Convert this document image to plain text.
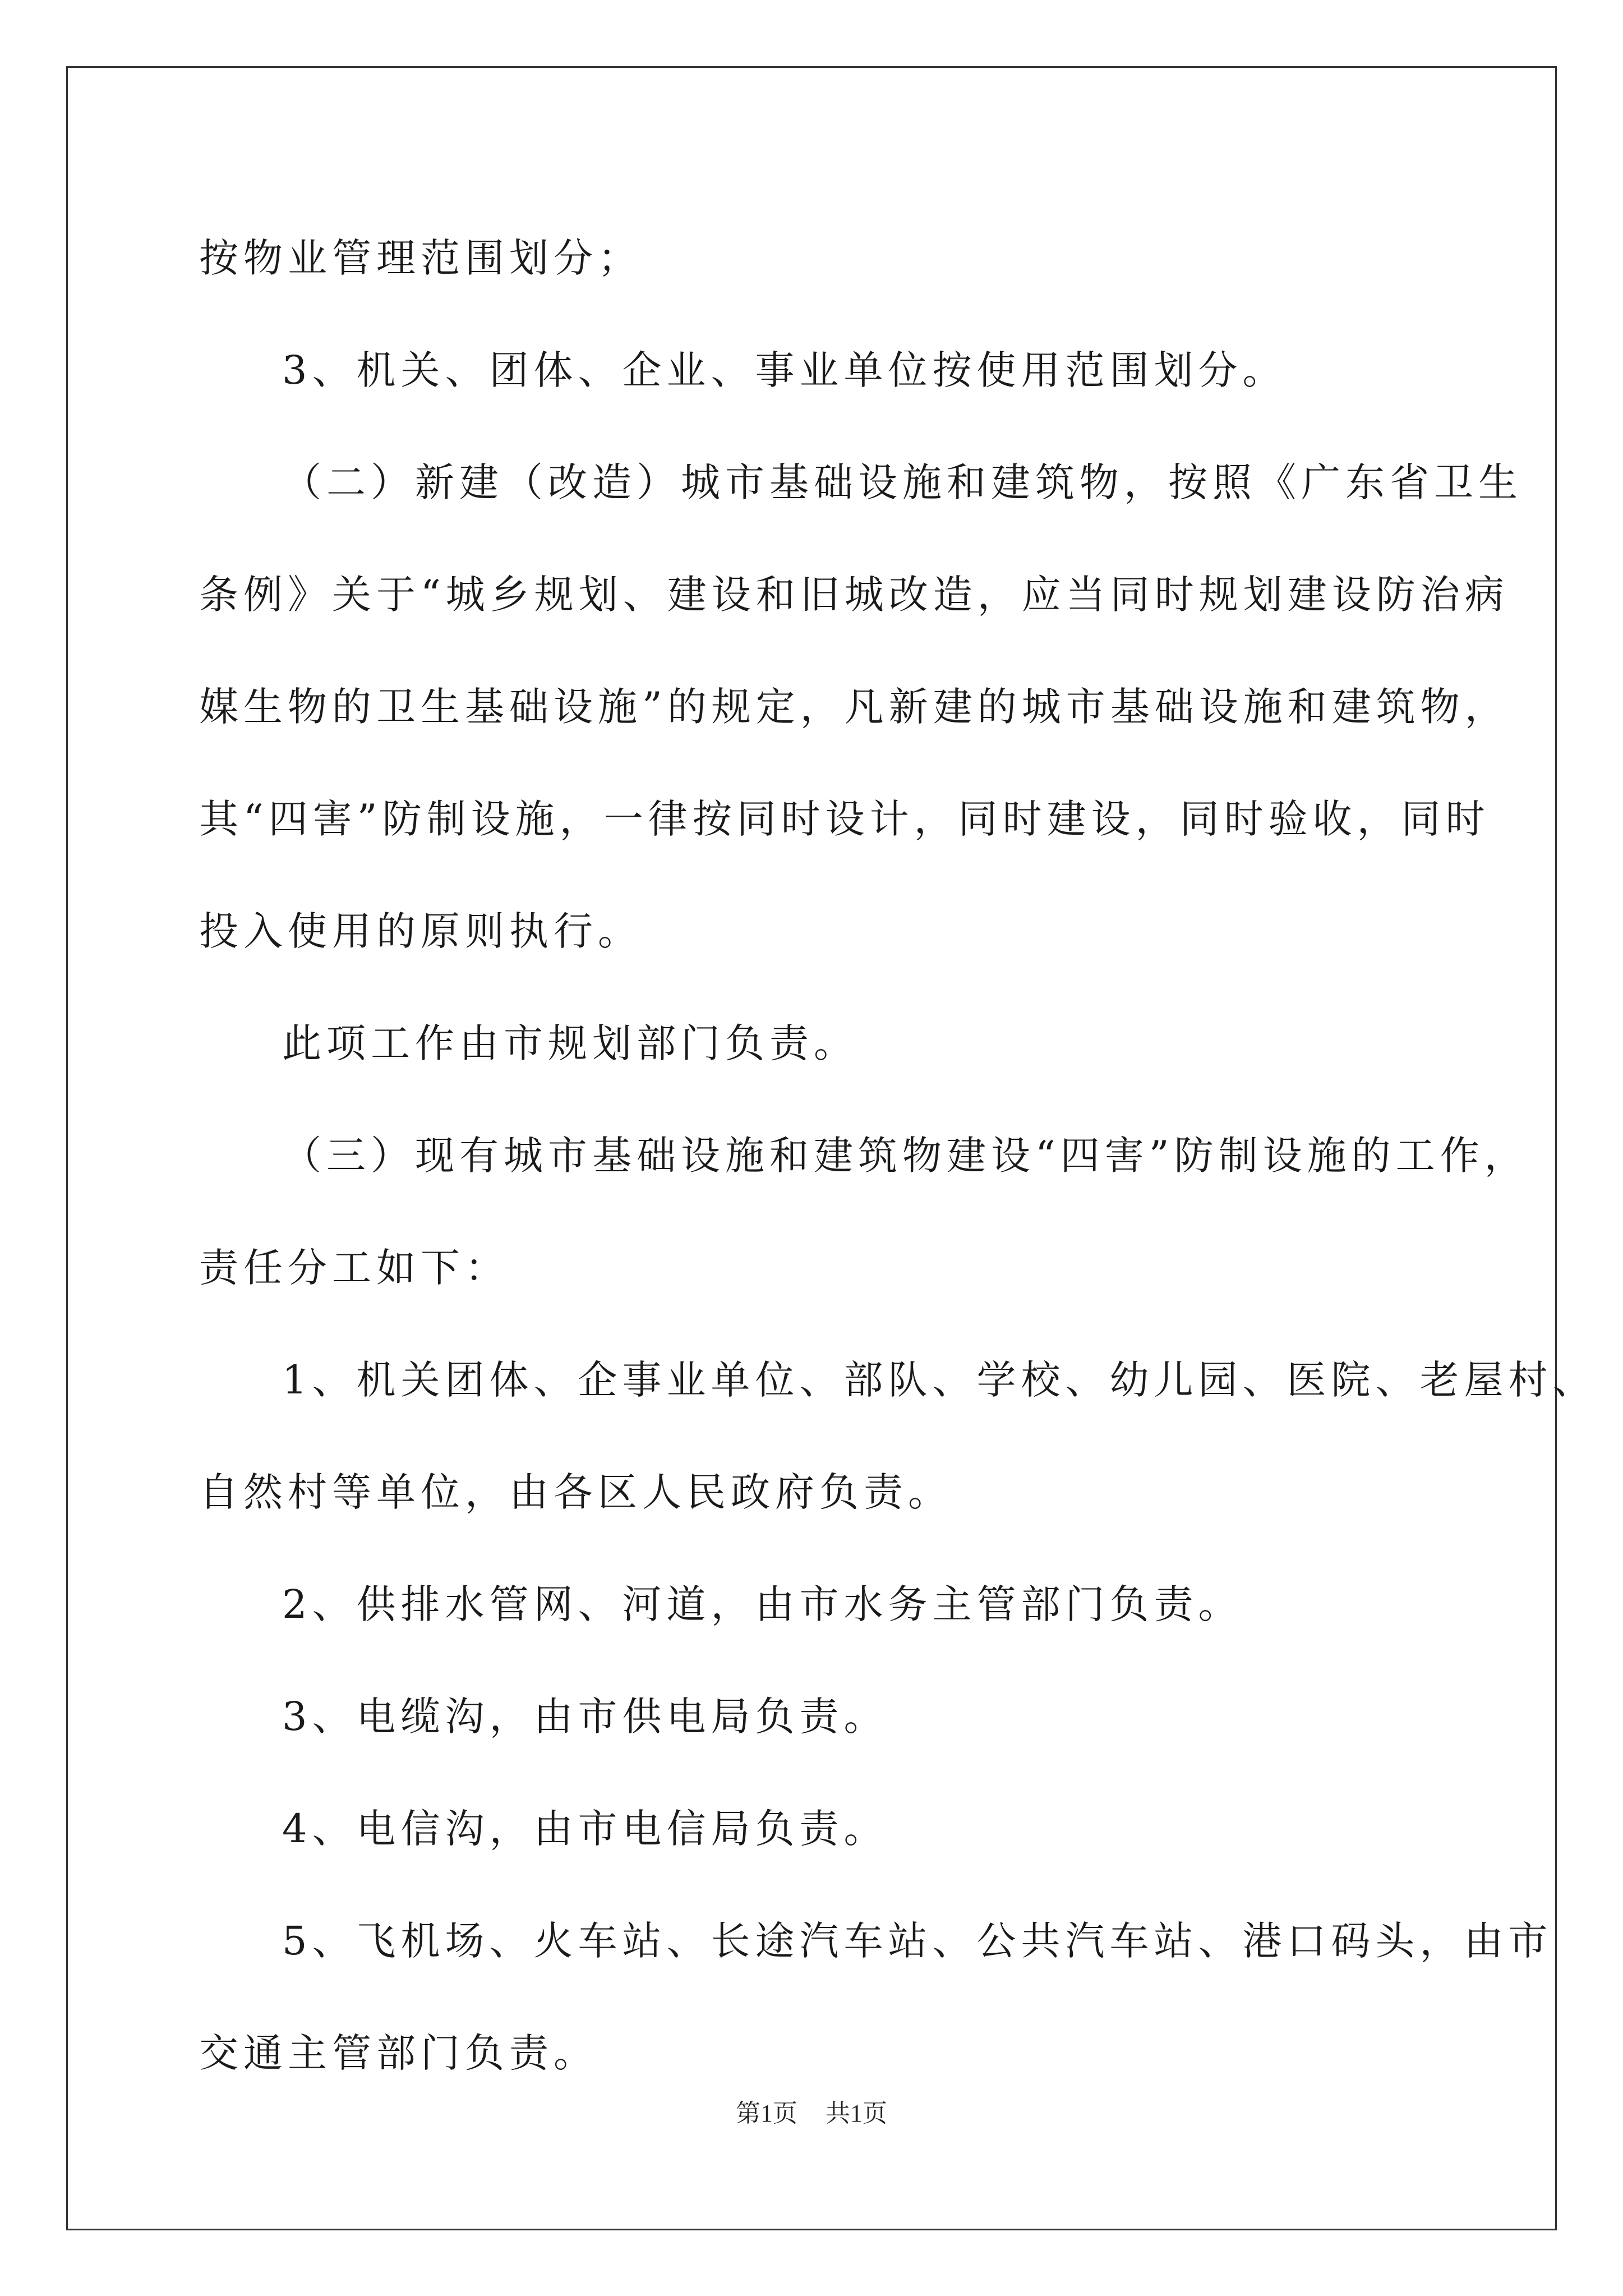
按物业管理范围划分；

3、机关、团体、企业、事业单位按使用范围划分。

（二）新建（改造）城市基础设施和建筑物，按照《广东省卫生

条例》关于“城乡规划、建设和旧城改造，应当同时规划建设防治病

媒生物的卫生基础设施”的规定，凡新建的城市基础设施和建筑物，

其“四害”防制设施，一律按同时设计，同时建设，同时验收，同时

投入使用的原则执行。

此项工作由市规划部门负责。

（三）现有城市基础设施和建筑物建设“四害”防制设施的工作，

责任分工如下：

1、机关团体、企事业单位、部队、学校、幼儿园、医院、老屋村、

自然村等单位，由各区人民政府负责。

2、供排水管网、河道，由市水务主管部门负责。

3、电缆沟，由市供电局负责。

4、电信沟，由市电信局负责。

5、飞机场、火车站、长途汽车站、公共汽车站、港口码头，由市

交通主管部门负责。

第1页 共1页
